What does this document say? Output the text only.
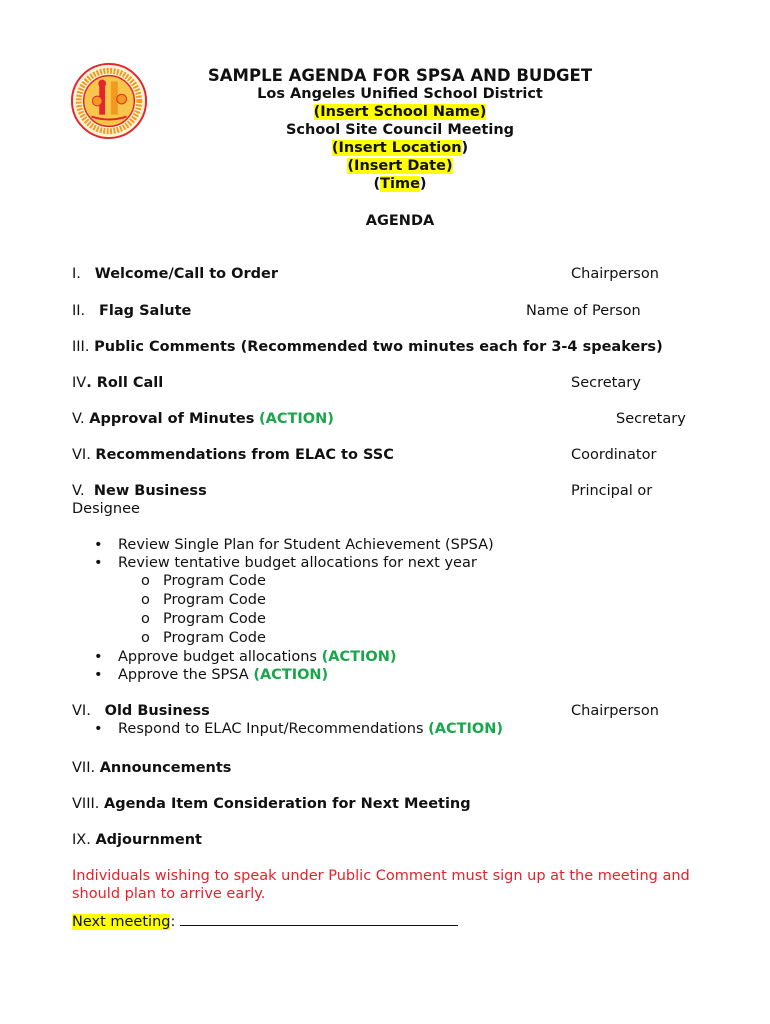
SAMPLE AGENDA FOR SPSA AND BUDGET
Los Angeles Unified School District
(Insert School Name)
School Site Council Meeting
(Insert Location)
(Insert Date)
(Time)
AGENDA
I. Welcome/Call to Order	Chairperson
II. Flag Salute	Name of Person
III. Public Comments (Recommended two minutes each for 3-4 speakers)
IV. Roll Call	Secretary
V. Approval of Minutes (ACTION)	Secretary
VI. Recommendations from ELAC to SSC	Coordinator
V. New Business	Principal or
Designee
• Review Single Plan for Student Achievement (SPSA)
• Review tentative budget allocations for next year
o Program Code
o Program Code
o Program Code
o Program Code
• Approve budget allocations (ACTION)
• Approve the SPSA (ACTION)
VI. Old Business	Chairperson
• Respond to ELAC Input/Recommendations (ACTION)
VII. Announcements
VIII. Agenda Item Consideration for Next Meeting
IX. Adjournment
Individuals wishing to speak under Public Comment must sign up at the meeting and
should plan to arrive early.
Next meeting:
